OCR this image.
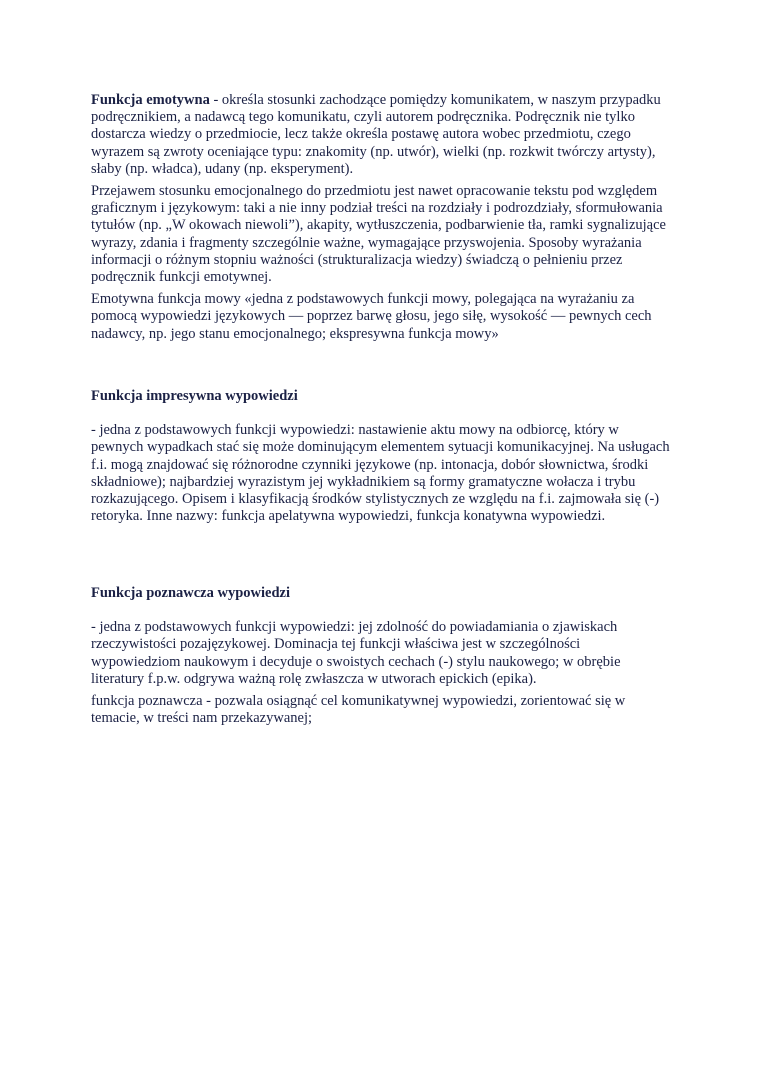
Funkcja emotywna - określa stosunki zachodzące pomiędzy komunikatem, w naszym przypadku podręcznikiem, a nadawcą tego komunikatu, czyli autorem podręcznika. Podręcznik nie tylko dostarcza wiedzy o przedmiocie, lecz także określa postawę autora wobec przedmiotu, czego wyrazem są zwroty oceniające typu: znakomity (np. utwór), wielki (np. rozkwit twórczy artysty), słaby (np. władca), udany (np. eksperyment).

Przejawem stosunku emocjonalnego do przedmiotu jest nawet opracowanie tekstu pod względem graficznym i językowym: taki a nie inny podział treści na rozdziały i podrozdziały, sformułowania tytułów (np. „W okowach niewoli”), akapity, wytłuszczenia, podbarwienie tła, ramki sygnalizujące wyrazy, zdania i fragmenty szczególnie ważne, wymagające przyswojenia. Sposoby wyrażania informacji o różnym stopniu ważności (strukturalizacja wiedzy) świadczą o pełnieniu przez podręcznik funkcji emotywnej.

Emotywna funkcja mowy «jedna z podstawowych funkcji mowy, polegająca na wyrażaniu za pomocą wypowiedzi językowych — poprzez barwę głosu, jego siłę, wysokość — pewnych cech nadawcy, np. jego stanu emocjonalnego; ekspresywna funkcja mowy»

Funkcja impresywna wypowiedzi

- jedna z podstawowych funkcji wypowiedzi: nastawienie aktu mowy na odbiorcę, który w pewnych wypadkach stać się może dominującym elementem sytuacji komunikacyjnej. Na usługach f.i. mogą znajdować się różnorodne czynniki językowe (np. intonacja, dobór słownictwa, środki składniowe); najbardziej wyrazistym jej wykładnikiem są formy gramatyczne wołacza i trybu rozkazującego. Opisem i klasyfikacją środków stylistycznych ze względu na f.i. zajmowała się (-) retoryka. Inne nazwy: funkcja apelatywna wypowiedzi, funkcja konatywna wypowiedzi.

Funkcja poznawcza wypowiedzi

- jedna z podstawowych funkcji wypowiedzi: jej zdolność do powiadamiania o zjawiskach rzeczywistości pozajęzykowej. Dominacja tej funkcji właściwa jest w szczególności wypowiedziom naukowym i decyduje o swoistych cechach (-) stylu naukowego; w obrębie literatury f.p.w. odgrywa ważną rolę zwłaszcza w utworach epickich (epika).

funkcja poznawcza - pozwala osiągnąć cel komunikatywnej wypowiedzi, zorientować się w temacie, w treści nam przekazywanej;
